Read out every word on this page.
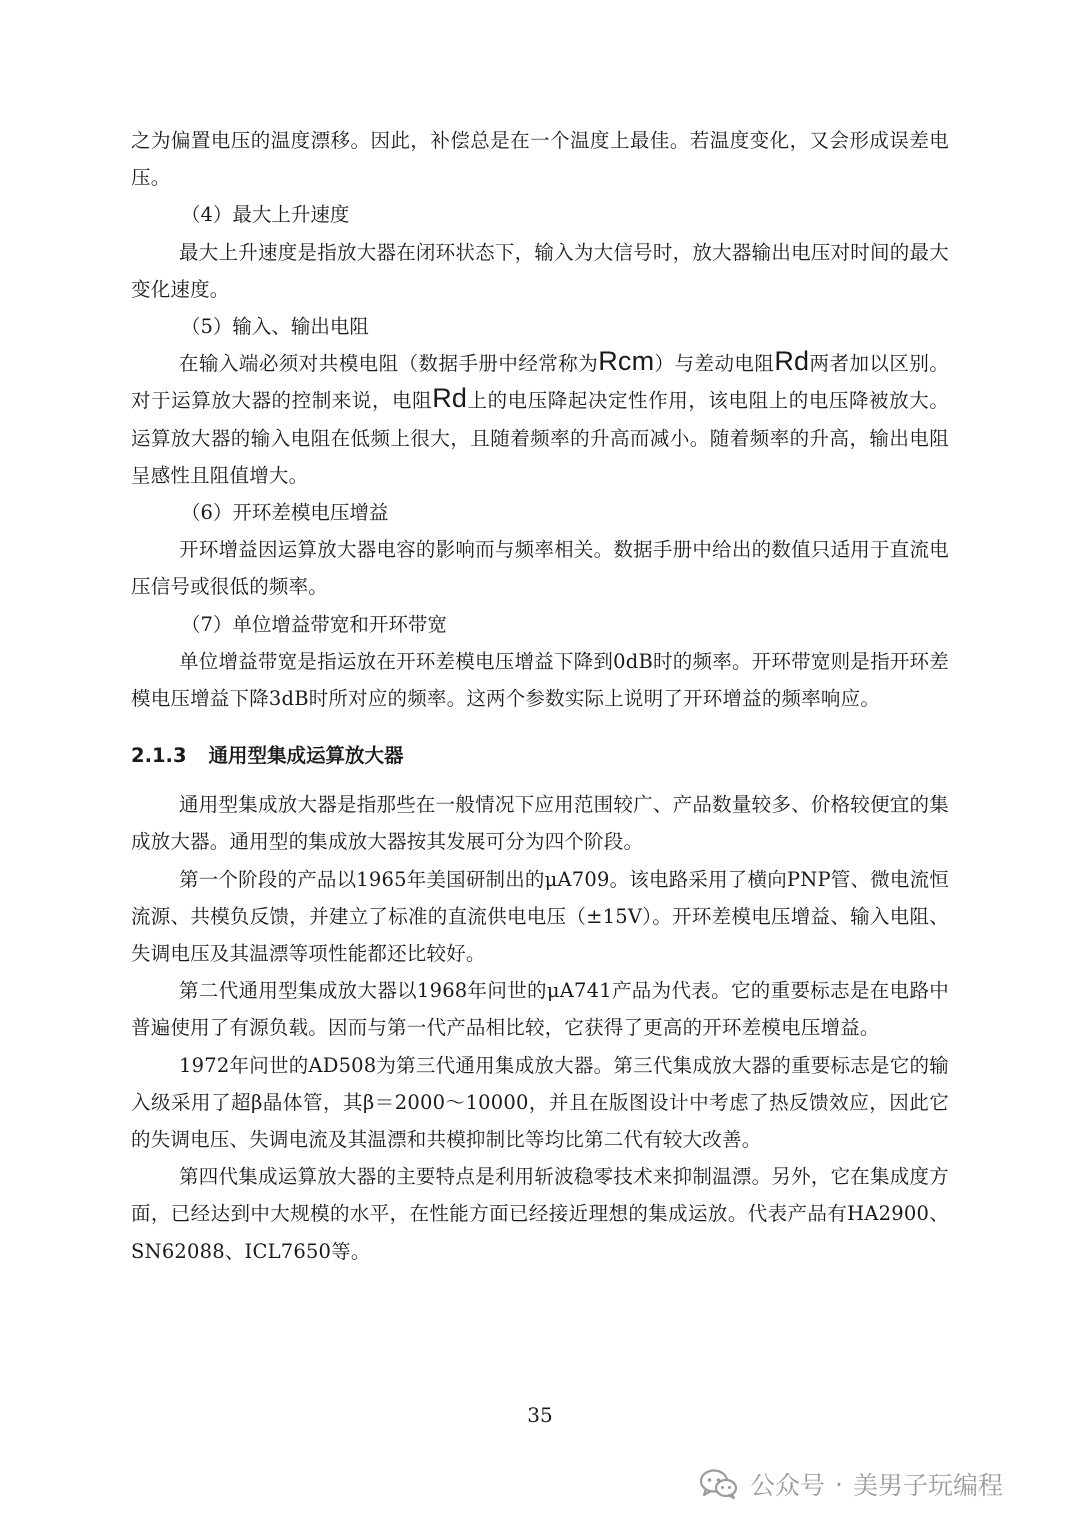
之为偏置电压的温度漂移。因此，补偿总是在一个温度上最佳。若温度变化，又会形成误差电压。

（4）最大上升速度

最大上升速度是指放大器在闭环状态下，输入为大信号时，放大器输出电压对时间的最大变化速度。

（5）输入、输出电阻

在输入端必须对共模电阻（数据手册中经常称为Rcm）与差动电阻Rd两者加以区别。对于运算放大器的控制来说，电阻Rd上的电压降起决定性作用，该电阻上的电压降被放大。运算放大器的输入电阻在低频上很大，且随着频率的升高而减小。随着频率的升高，输出电阻呈感性且阻值增大。

（6）开环差模电压增益

开环增益因运算放大器电容的影响而与频率相关。数据手册中给出的数值只适用于直流电压信号或很低的频率。

（7）单位增益带宽和开环带宽

单位增益带宽是指运放在开环差模电压增益下降到0dB时的频率。开环带宽则是指开环差模电压增益下降3dB时所对应的频率。这两个参数实际上说明了开环增益的频率响应。

2.1.3 通用型集成运算放大器

通用型集成放大器是指那些在一般情况下应用范围较广、产品数量较多、价格较便宜的集成放大器。通用型的集成放大器按其发展可分为四个阶段。

第一个阶段的产品以1965年美国研制出的μA709。该电路采用了横向PNP管、微电流恒流源、共模负反馈，并建立了标准的直流供电电压（±15V）。开环差模电压增益、输入电阻、失调电压及其温漂等项性能都还比较好。

第二代通用型集成放大器以1968年问世的μA741产品为代表。它的重要标志是在电路中普遍使用了有源负载。因而与第一代产品相比较，它获得了更高的开环差模电压增益。

1972年问世的AD508为第三代通用集成放大器。第三代集成放大器的重要标志是它的输入级采用了超β晶体管，其β＝2000～10000，并且在版图设计中考虑了热反馈效应，因此它的失调电压、失调电流及其温漂和共模抑制比等均比第二代有较大改善。

第四代集成运算放大器的主要特点是利用斩波稳零技术来抑制温漂。另外，它在集成度方面，已经达到中大规模的水平，在性能方面已经接近理想的集成运放。代表产品有HA2900、SN62088、ICL7650等。

35
公众号 · 美男子玩编程
